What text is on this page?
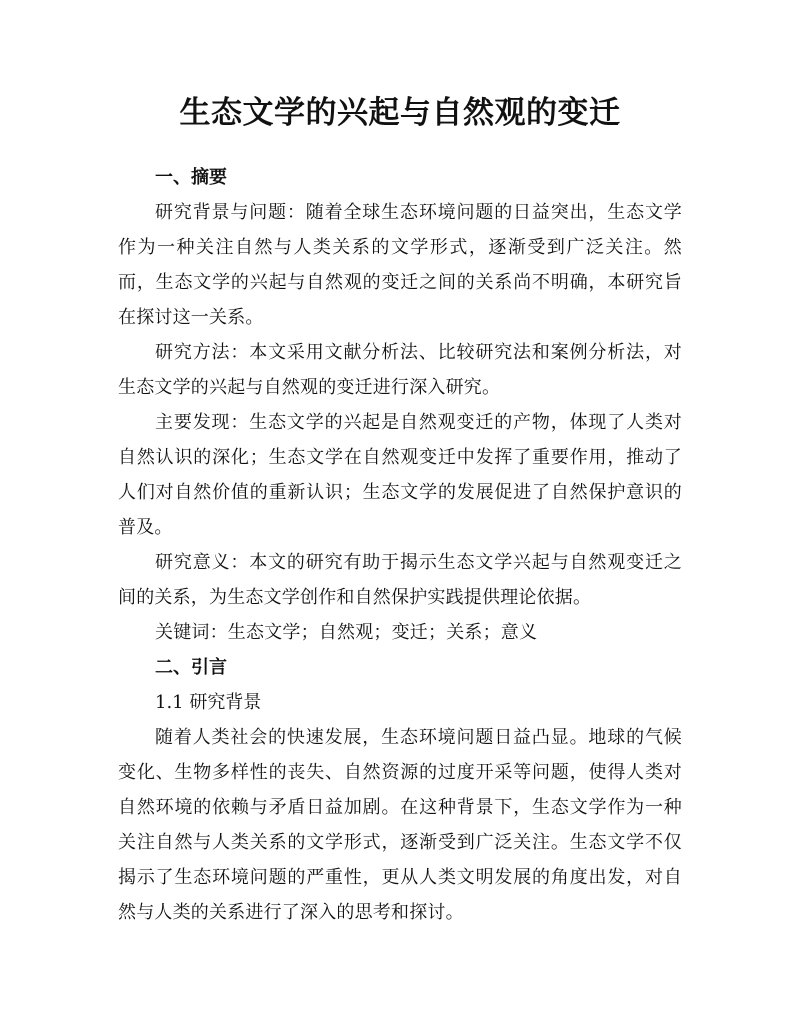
生态文学的兴起与自然观的变迁
一、摘要

研究背景与问题：随着全球生态环境问题的日益突出，生态文学作为一种关注自然与人类关系的文学形式，逐渐受到广泛关注。然而，生态文学的兴起与自然观的变迁之间的关系尚不明确，本研究旨在探讨这一关系。

研究方法：本文采用文献分析法、比较研究法和案例分析法，对生态文学的兴起与自然观的变迁进行深入研究。

主要发现：生态文学的兴起是自然观变迁的产物，体现了人类对自然认识的深化；生态文学在自然观变迁中发挥了重要作用，推动了人们对自然价值的重新认识；生态文学的发展促进了自然保护意识的普及。

研究意义：本文的研究有助于揭示生态文学兴起与自然观变迁之间的关系，为生态文学创作和自然保护实践提供理论依据。

关键词：生态文学；自然观；变迁；关系；意义

二、引言

1.1 研究背景

随着人类社会的快速发展，生态环境问题日益凸显。地球的气候变化、生物多样性的丧失、自然资源的过度开采等问题，使得人类对自然环境的依赖与矛盾日益加剧。在这种背景下，生态文学作为一种关注自然与人类关系的文学形式，逐渐受到广泛关注。生态文学不仅揭示了生态环境问题的严重性，更从人类文明发展的角度出发，对自然与人类的关系进行了深入的思考和探讨。
